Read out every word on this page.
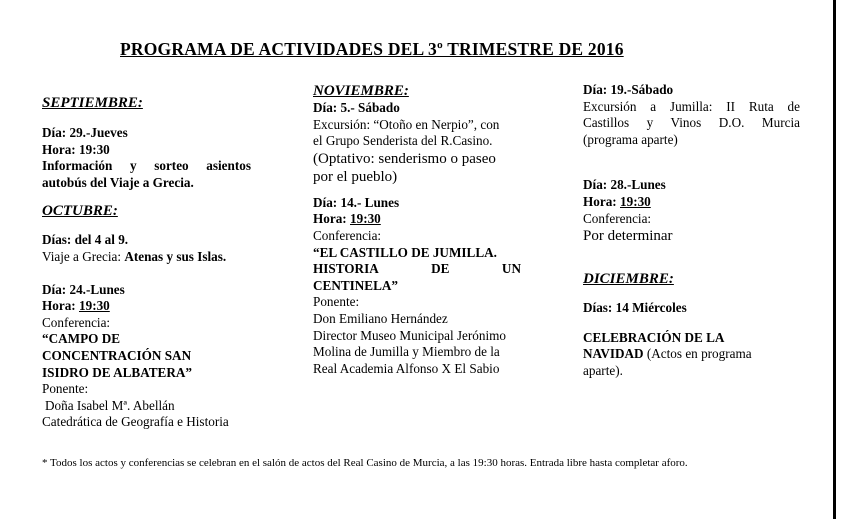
PROGRAMA DE ACTIVIDADES DEL 3º TRIMESTRE DE 2016
SEPTIEMBRE:
Día: 29.-Jueves
Hora: 19:30
Información y sorteo asientos
autobús del Viaje a Grecia.
OCTUBRE:
Días: del 4 al 9.
Viaje a Grecia: Atenas y sus Islas.
Día: 24.-Lunes
Hora: 19:30
Conferencia:
“CAMPO DE
CONCENTRACIÓN SAN
ISIDRO DE ALBATERA”
Ponente:
Doña Isabel Mª. Abellán
Catedrática de Geografía e Historia
NOVIEMBRE:
Día: 5.- Sábado
Excursión: “Otoño en Nerpio”, con
el Grupo Senderista del R.Casino.
(Optativo: senderismo o paseo
por el pueblo)
Día: 14.- Lunes
Hora: 19:30
Conferencia:
“EL CASTILLO DE JUMILLA.
HISTORIA	DE	UN
CENTINELA”
Ponente:
Don Emiliano Hernández
Director Museo Municipal Jerónimo
Molina de Jumilla y Miembro de la
Real Academia Alfonso X El Sabio
Día: 19.-Sábado
Excursión a Jumilla: II Ruta de
Castillos y Vinos D.O. Murcia
(programa aparte)
Día: 28.-Lunes
Hora: 19:30
Conferencia:
Por determinar
DICIEMBRE:
Días: 14 Miércoles
CELEBRACIÓN DE LA
NAVIDAD (Actos en programa
aparte).
* Todos los actos y conferencias se celebran en el salón de actos del Real Casino de Murcia, a las 19:30 horas. Entrada libre hasta completar aforo.
